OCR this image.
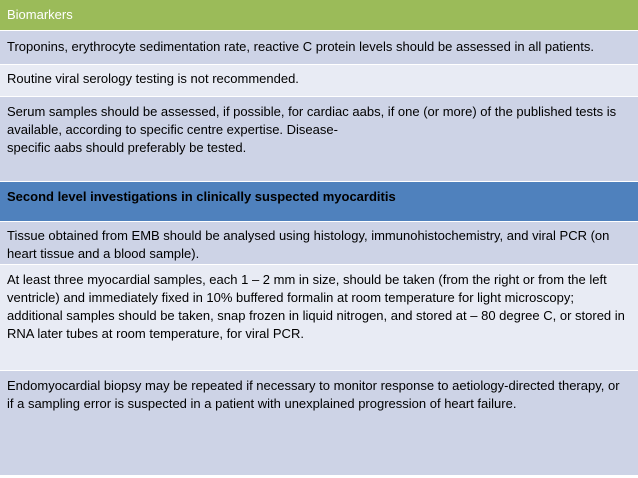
Biomarkers
Troponins, erythrocyte sedimentation rate, reactive C protein levels should be assessed in all patients.
Routine viral serology testing is not recommended.
Serum samples should be assessed, if possible, for cardiac aabs, if one (or more) of the published tests is
available, according to specific centre expertise. Disease-
specific aabs should preferably be tested.
Second level investigations in clinically suspected myocarditis
Tissue obtained from EMB should be analysed using histology, immunohistochemistry, and viral PCR (on
heart tissue and a blood sample).
At least three myocardial samples, each 1 – 2 mm in size, should be taken (from the right or from the left
ventricle) and immediately fixed in 10% buffered formalin at room temperature for light microscopy;
additional samples should be taken, snap frozen in liquid nitrogen, and stored at – 80 degree C, or stored in
RNA later tubes at room temperature, for viral PCR.
Endomyocardial biopsy may be repeated if necessary to monitor response to aetiology-directed therapy, or
if a sampling error is suspected in a patient with unexplained progression of heart failure.
